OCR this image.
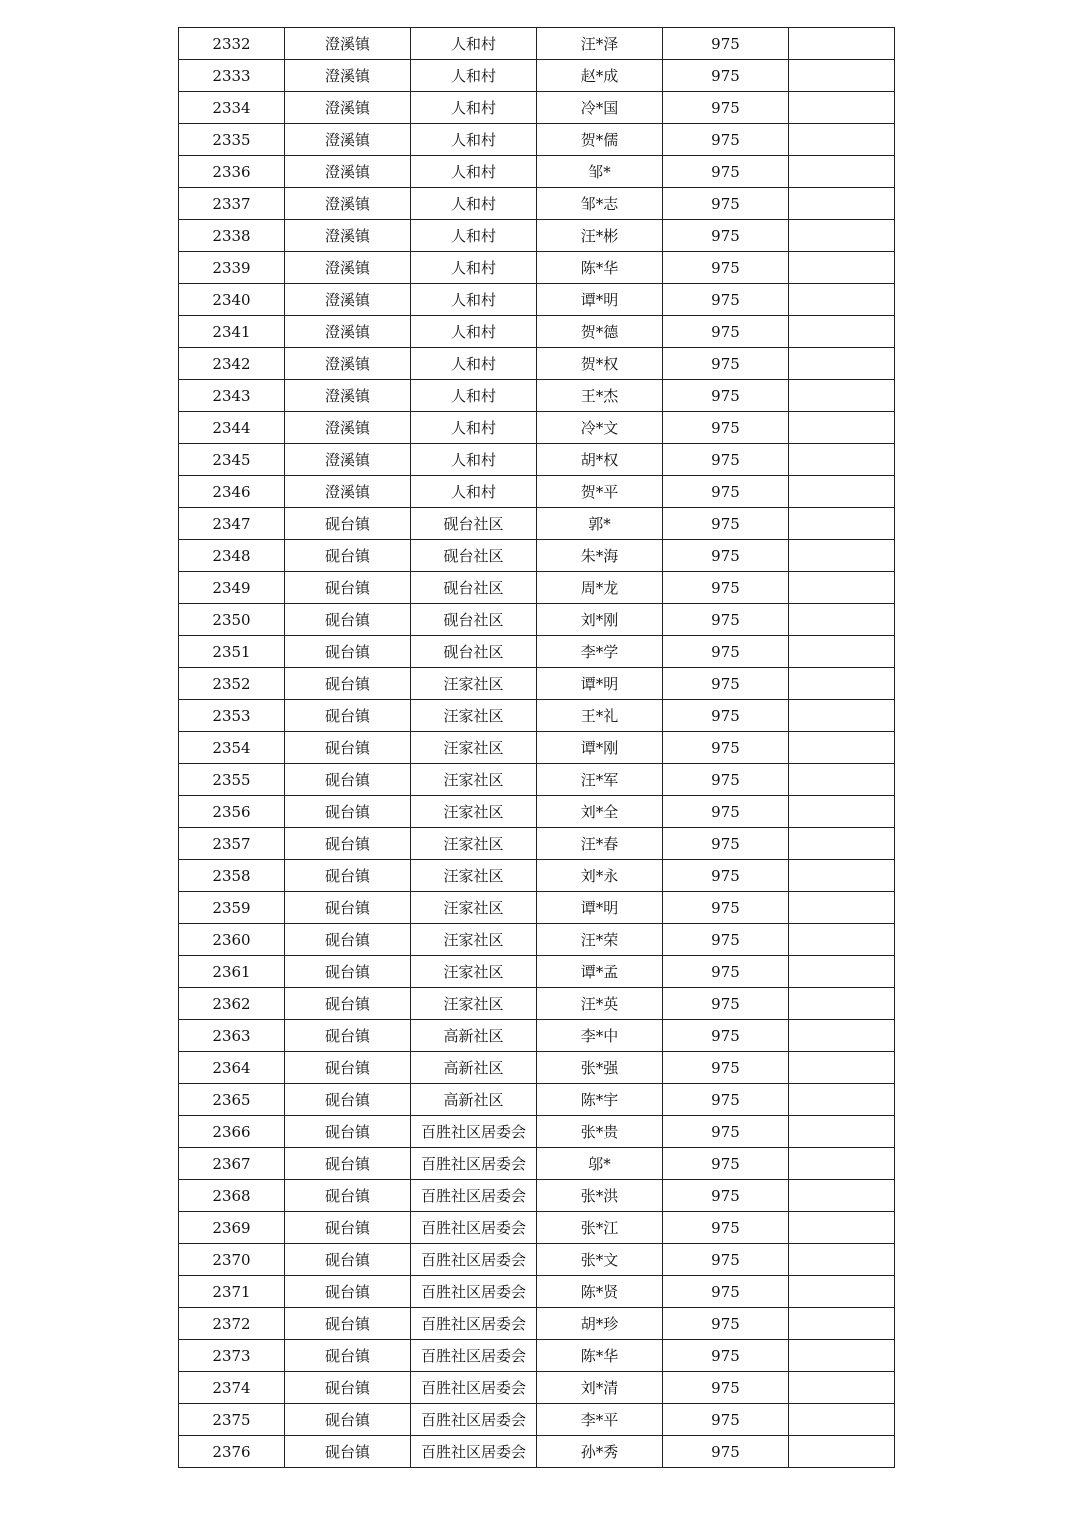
2332	澄溪镇	人和村	汪*泽	975	
2333	澄溪镇	人和村	赵*成	975	
2334	澄溪镇	人和村	冷*国	975	
2335	澄溪镇	人和村	贺*儒	975	
2336	澄溪镇	人和村	邹*	975	
2337	澄溪镇	人和村	邹*志	975	
2338	澄溪镇	人和村	汪*彬	975	
2339	澄溪镇	人和村	陈*华	975	
2340	澄溪镇	人和村	谭*明	975	
2341	澄溪镇	人和村	贺*德	975	
2342	澄溪镇	人和村	贺*权	975	
2343	澄溪镇	人和村	王*杰	975	
2344	澄溪镇	人和村	冷*文	975	
2345	澄溪镇	人和村	胡*权	975	
2346	澄溪镇	人和村	贺*平	975	
2347	砚台镇	砚台社区	郭*	975	
2348	砚台镇	砚台社区	朱*海	975	
2349	砚台镇	砚台社区	周*龙	975	
2350	砚台镇	砚台社区	刘*刚	975	
2351	砚台镇	砚台社区	李*学	975	
2352	砚台镇	汪家社区	谭*明	975	
2353	砚台镇	汪家社区	王*礼	975	
2354	砚台镇	汪家社区	谭*刚	975	
2355	砚台镇	汪家社区	汪*军	975	
2356	砚台镇	汪家社区	刘*全	975	
2357	砚台镇	汪家社区	汪*春	975	
2358	砚台镇	汪家社区	刘*永	975	
2359	砚台镇	汪家社区	谭*明	975	
2360	砚台镇	汪家社区	汪*荣	975	
2361	砚台镇	汪家社区	谭*孟	975	
2362	砚台镇	汪家社区	汪*英	975	
2363	砚台镇	高新社区	李*中	975	
2364	砚台镇	高新社区	张*强	975	
2365	砚台镇	高新社区	陈*宇	975	
2366	砚台镇	百胜社区居委会	张*贵	975	
2367	砚台镇	百胜社区居委会	邬*	975	
2368	砚台镇	百胜社区居委会	张*洪	975	
2369	砚台镇	百胜社区居委会	张*江	975	
2370	砚台镇	百胜社区居委会	张*文	975	
2371	砚台镇	百胜社区居委会	陈*贤	975	
2372	砚台镇	百胜社区居委会	胡*珍	975	
2373	砚台镇	百胜社区居委会	陈*华	975	
2374	砚台镇	百胜社区居委会	刘*清	975	
2375	砚台镇	百胜社区居委会	李*平	975	
2376	砚台镇	百胜社区居委会	孙*秀	975	
